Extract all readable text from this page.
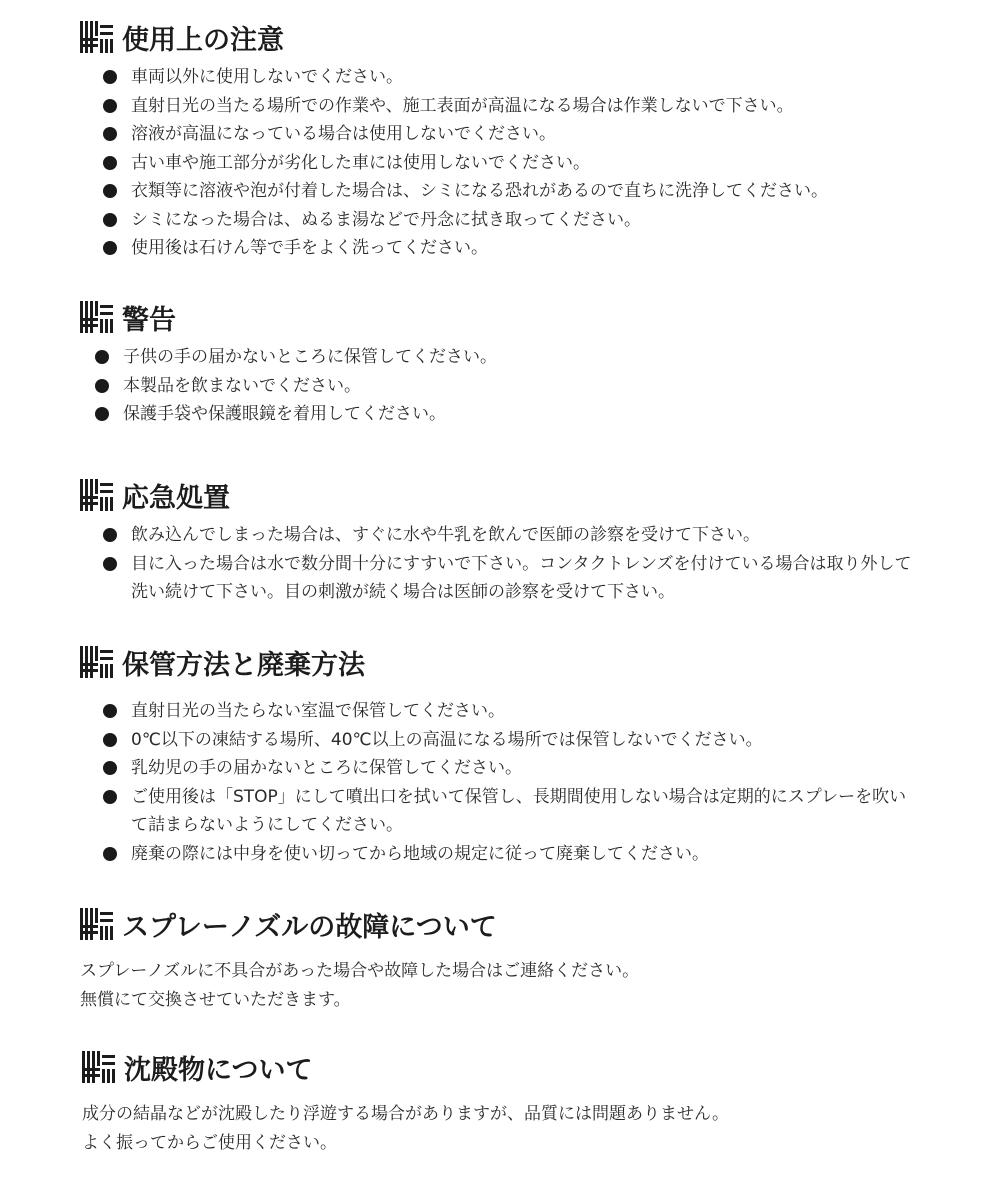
使用上の注意
車両以外に使用しないでください。
直射日光の当たる場所での作業や、施工表面が高温になる場合は作業しないで下さい。
溶液が高温になっている場合は使用しないでください。
古い車や施工部分が劣化した車には使用しないでください。
衣類等に溶液や泡が付着した場合は、シミになる恐れがあるので直ちに洗浄してください。
シミになった場合は、ぬるま湯などで丹念に拭き取ってください。
使用後は石けん等で手をよく洗ってください。
警告
子供の手の届かないところに保管してください。
本製品を飲まないでください。
保護手袋や保護眼鏡を着用してください。
応急処置
飲み込んでしまった場合は、すぐに水や牛乳を飲んで医師の診察を受けて下さい。
目に入った場合は水で数分間十分にすすいで下さい。コンタクトレンズを付けている場合は取り外して洗い続けて下さい。目の刺激が続く場合は医師の診察を受けて下さい。
保管方法と廃棄方法
直射日光の当たらない室温で保管してください。
0℃以下の凍結する場所、40℃以上の高温になる場所では保管しないでください。
乳幼児の手の届かないところに保管してください。
ご使用後は「STOP」にして噴出口を拭いて保管し、長期間使用しない場合は定期的にスプレーを吹いて詰まらないようにしてください。
廃棄の際には中身を使い切ってから地域の規定に従って廃棄してください。
スプレーノズルの故障について
スプレーノズルに不具合があった場合や故障した場合はご連絡ください。
無償にて交換させていただきます。
沈殿物について
成分の結晶などが沈殿したり浮遊する場合がありますが、品質には問題ありません。
よく振ってからご使用ください。
